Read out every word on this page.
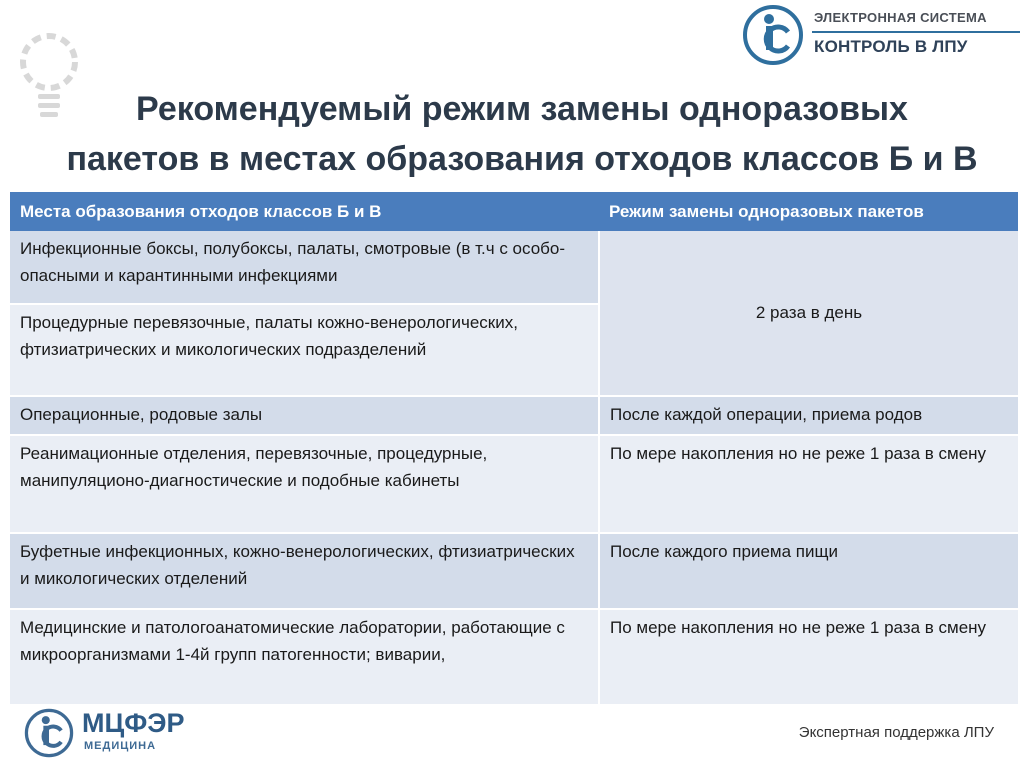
ЭЛЕКТРОННАЯ СИСТЕМА
КОНТРОЛЬ В ЛПУ
Рекомендуемый режим замены одноразовых
пакетов в местах образования отходов классов Б и В
Места образования отходов классов Б и В	Режим замены одноразовых пакетов
Инфекционные боксы, полубоксы, палаты, смотровые (в т.ч с особо-опасными и карантинными инфекциями	2 раза в день
Процедурные перевязочные, палаты кожно-венерологических, фтизиатрических и микологических подразделений	
Операционные, родовые залы	После каждой операции, приема родов
Реанимационные отделения, перевязочные, процедурные, манипуляционо-диагностические и подобные кабинеты	По мере накопления но не реже 1 раза в смену
Буфетные инфекционных, кожно-венерологических, фтизиатрических и микологических отделений	После каждого приема пищи
Медицинские и патологоанатомические лаборатории, работающие с микроорганизмами 1-4й групп патогенности; виварии,	По мере накопления но не реже 1 раза в смену
МЦФЭР
МЕДИЦИНА
Экспертная поддержка ЛПУ
